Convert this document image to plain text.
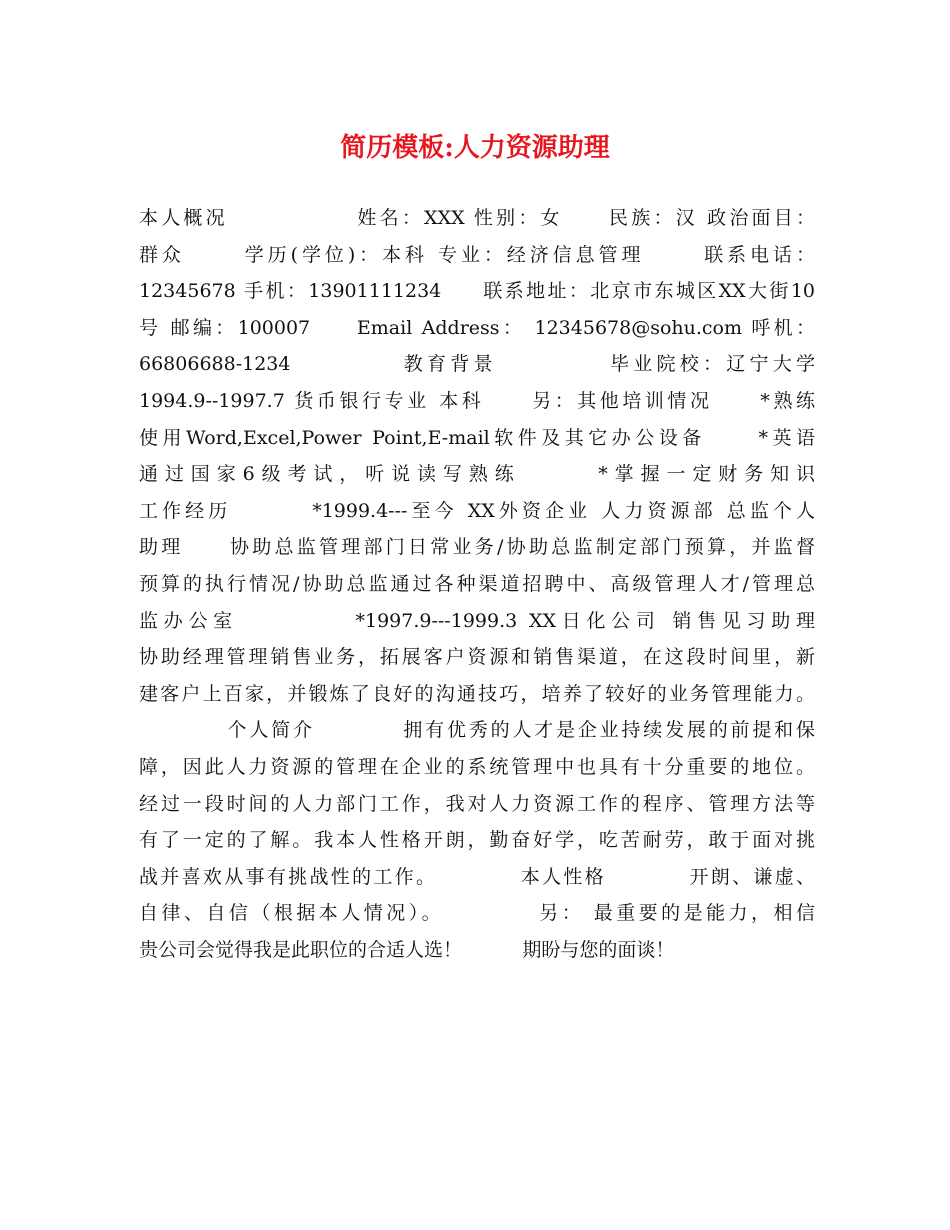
简历模板:人力资源助理
本人概况              姓名：XXX 性别：女     民族：汉 政治面目：
群众      学历(学位)：本科 专业：经济信息管理      联系电话：
12345678 手机：13901111234     联系地址：北京市东城区XX大街10
号 邮编：100007     Email Address： 12345678@sohu.com 呼机：
66806688-1234           教育背景           毕业院校：辽宁大学
1994.9--1997.7 货币银行专业 本科     另：其他培训情况     *熟练
使用Word,Excel,Power Point,E-mail软件及其它办公设备     *英语
通过国家6级考试，听说读写熟练      *掌握一定财务知识
工作经历        *1999.4---至今 XX外资企业 人力资源部 总监个人
助理     协助总监管理部门日常业务/协助总监制定部门预算，并监督
预算的执行情况/协助总监通过各种渠道招聘中、高级管理人才/管理总
监办公室          *1997.9---1999.3 XX日化公司 销售见习助理
协助经理管理销售业务，拓展客户资源和销售渠道，在这段时间里，新
建客户上百家，并锻炼了良好的沟通技巧，培养了较好的业务管理能力。
个人简介          拥有优秀的人才是企业持续发展的前提和保
障，因此人力资源的管理在企业的系统管理中也具有十分重要的地位。
经过一段时间的人力部门工作，我对人力资源工作的程序、管理方法等
有了一定的了解。我本人性格开朗，勤奋好学，吃苦耐劳，敢于面对挑
战并喜欢从事有挑战性的工作。          本人性格          开朗、谦虚、
自律、自信（根据本人情况）。          另： 最重要的是能力，相信
贵公司会觉得我是此职位的合适人选！          期盼与您的面谈！
